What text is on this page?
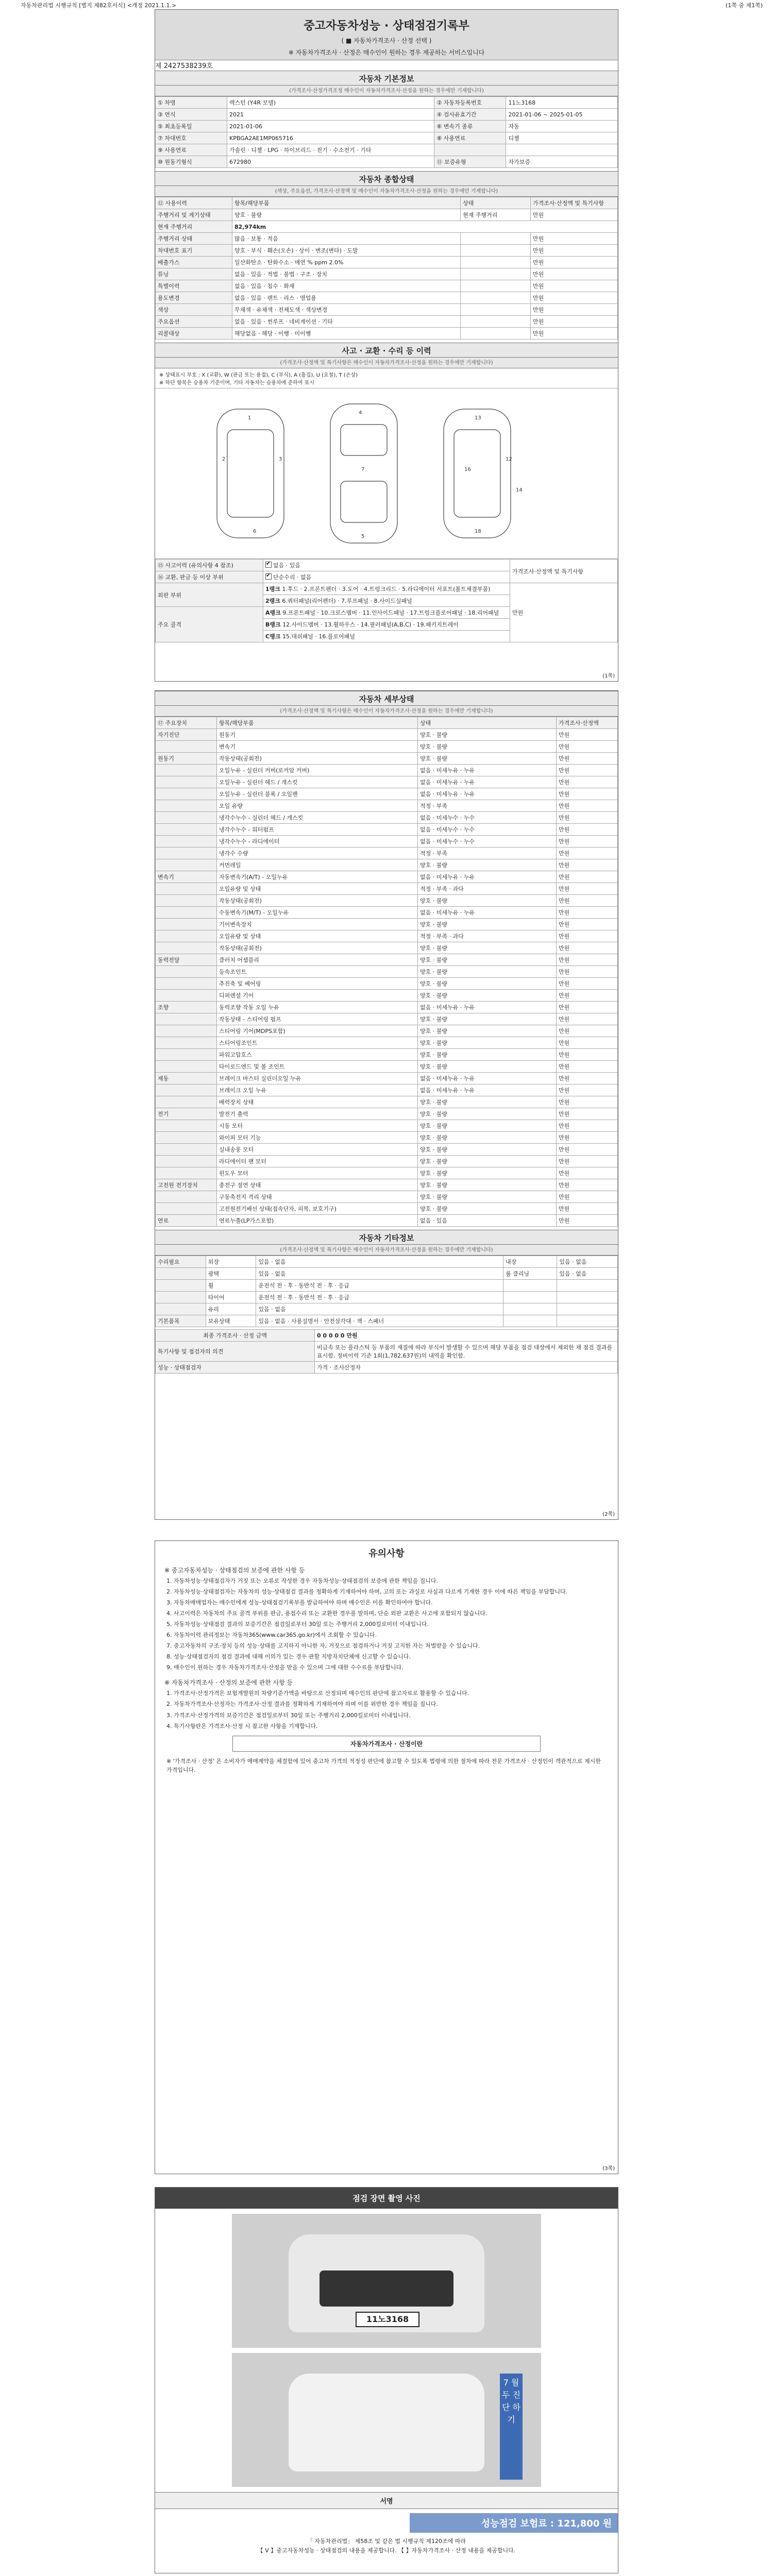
자동차관리법 시행규칙 [별지 제82호서식] <개정 2021.1.1.>	(1쪽 중 제1쪽)
중고자동차성능 · 상태점검기록부
( ■ 자동차가격조사 · 산정 선택 )
※ 자동차가격조사 · 산정은 매수인이 원하는 경우 제공하는 서비스입니다
제 2427538239호
자동차 기본정보
(가격조사·산정가격조정 매수인이 자동차가격조사·산정을 원하는 경우에만 기재합니다)
① 차명	렉스턴 (Y4R 모델)	② 자동차등록번호	11노3168
③ 연식	2021	④ 검사유효기간	2021-01-06 ~ 2025-01-05
⑤ 최초등록일	2021-01-06	⑥ 변속기 종류	자동
⑦ 차대번호	KPBGA2AE1MP065716	⑧ 사용연료	디젤
⑨ 사용연료	가솔린 · 디젤 · LPG · 하이브리드 · 전기 · 수소전기 · 기타		
⑩ 원동기형식	672980	⑪ 보증유형	자가보증
자동차 종합상태
(색상, 주요옵션, 가격조사·산정액 및 매수인이 자동차가격조사·산정을 원하는 경우에만 기재합니다)
⑫ 사용이력	항목/해당부품	상태	가격조사·산정액 및 특기사항
주행거리 및 계기상태	양호 · 불량	현재 주행거리	만원
현재 주행거리	82,974km		
주행거리 상태	많음 · 보통 · 적음		만원
차대번호 표기	양호 · 부식 · 훼손(오손) · 상이 · 변조(변타) · 도말		만원
배출가스	일산화탄소 · 탄화수소 · 매연 % ppm 2.0%		만원
튜닝	없음 · 있음 · 적법 · 불법 · 구조 · 장치		만원
특별이력	없음 · 있음 · 침수 · 화재		만원
용도변경	없음 · 있음 · 렌트 · 리스 · 영업용		만원
색상	무채색 · 유채색 · 전체도색 · 색상변경		만원
주요옵션	없음 · 있음 · 썬루프 · 네비게이션 · 기타		만원
리콜대상	해당없음 · 해당 · 이행 · 미이행		만원
사고 · 교환 · 수리 등 이력
(가격조사·산정액 및 특기사항은 매수인이 자동차가격조사·산정을 원하는 경우에만 기재합니다)
※ 상태표시 부호 : X (교환), W (판금 또는 용접), C (부식), A (흠집), U (요철), T (손상)
※ 하단 항목은 승용차 기준이며, 기타 자동차는 승용차에 준하여 표시
1
4
2	3
7
13
16
12
18
6
5
14
⑮ 사고이력 (유의사항 4 참조)	✔없음 · 있음	가격조사·산정액 및 특기사항
⑯ 교환, 판금 등 이상 부위	✔단순수리 · 없음
외판 부위	1랭크 1.후드 · 2.프론트펜더 · 3.도어 · 4.트렁크리드 · 5.라디에이터 서포트(볼트체결부품)	만원
	2랭크 6.쿼터패널(리어펜더) · 7.루프패널 · 8.사이드실패널	
주요 골격	A랭크 9.프론트패널 · 10.크로스멤버 · 11.인사이드패널 · 17.트렁크플로어패널 · 18.리어패널	
	B랭크 12.사이드멤버 · 13.휠하우스 · 14.필러패널(A,B,C) · 19.패키지트레이	
	C랭크 15.대쉬패널 · 16.플로어패널	
(1쪽)
자동차 세부상태
(가격조사·산정액 및 특기사항은 매수인이 자동차가격조사·산정을 원하는 경우에만 기재합니다)
⑰ 주요장치	항목/해당부품	상태	가격조사·산정액
자기진단	원동기	양호 · 불량	만원
	변속기	양호 · 불량	만원
원동기	작동상태(공회전)	양호 · 불량	만원
	오일누유 - 실린더 커버(로커암 커버)	없음 · 미세누유 · 누유	만원
	오일누유 - 실린더 헤드 / 개스킷	없음 · 미세누유 · 누유	만원
	오일누유 - 실린더 블록 / 오일팬	없음 · 미세누유 · 누유	만원
	오일 유량	적정 · 부족	만원
	냉각수누수 - 실린더 헤드 / 개스킷	없음 · 미세누수 · 누수	만원
	냉각수누수 - 워터펌프	없음 · 미세누수 · 누수	만원
	냉각수누수 - 라디에이터	없음 · 미세누수 · 누수	만원
	냉각수 수량	적정 · 부족	만원
	커먼레일	양호 · 불량	만원
변속기	자동변속기(A/T) - 오일누유	없음 · 미세누유 · 누유	만원
	오일유량 및 상태	적정 · 부족 · 과다	만원
	작동상태(공회전)	양호 · 불량	만원
	수동변속기(M/T) - 오일누유	없음 · 미세누유 · 누유	만원
	기어변속장치	양호 · 불량	만원
	오일유량 및 상태	적정 · 부족 · 과다	만원
	작동상태(공회전)	양호 · 불량	만원
동력전달	클러치 어셈블리	양호 · 불량	만원
	등속조인트	양호 · 불량	만원
	추진축 및 베어링	양호 · 불량	만원
	디퍼렌셜 기어	양호 · 불량	만원
조향	동력조향 작동 오일 누유	없음 · 미세누유 · 누유	만원
	작동상태 - 스티어링 펌프	양호 · 불량	만원
	스티어링 기어(MDPS포함)	양호 · 불량	만원
	스티어링조인트	양호 · 불량	만원
	파워고압호스	양호 · 불량	만원
	타이로드엔드 및 볼 조인트	양호 · 불량	만원
제동	브레이크 마스터 실린더오일 누유	없음 · 미세누유 · 누유	만원
	브레이크 오일 누유	없음 · 미세누유 · 누유	만원
	배력장치 상태	양호 · 불량	만원
전기	발전기 출력	양호 · 불량	만원
	시동 모터	양호 · 불량	만원
	와이퍼 모터 기능	양호 · 불량	만원
	실내송풍 모터	양호 · 불량	만원
	라디에이터 팬 모터	양호 · 불량	만원
	윈도우 모터	양호 · 불량	만원
고전원 전기장치	충전구 절연 상태	양호 · 불량	만원
	구동축전지 격리 상태	양호 · 불량	만원
	고전원전기배선 상태(접속단자, 피복, 보호기구)	양호 · 불량	만원
연료	연료누출(LP가스포함)	없음 · 있음	만원
자동차 기타정보
(가격조사·산정액 및 특기사항은 매수인이 자동차가격조사·산정을 원하는 경우에만 기재합니다)
수리필요	외장	있음 · 없음	내장	있음 · 없음
	광택	있음 · 없음	룸 클리닝	있음 · 없음
	휠	운전석 전 · 후 · 동반석 전 · 후 · 응급		
	타이어	운전석 전 · 후 · 동반석 전 · 후 · 응급		
	유리	있음 · 없음		
기본품목	보유상태	있음 · 없음 · 사용설명서 · 안전삼각대 · 잭 · 스패너		
최종 가격조사 · 산정 금액	0 0 0 0 0 만원
특기사항 및 점검자의 의견	비금속 또는 플라스틱 등 부품의 재질에 따라 부식이 발생할 수 있으며 해당 부품을 점검 대상에서 제외한 채 점검 결과를 표시함. 정비이력 기준 1회(1,782,637원)의 내역을 확인함.
성능 · 상태점검자	가격 · 조사산정자
(2쪽)
유의사항
※ 중고자동차성능 · 상태점검의 보증에 관한 사항 등

1. 자동차성능·상태점검자가 거짓 또는 오류로 작성한 경우 자동차성능·상태점검의 보증에 관한 책임을 집니다.

2. 자동차성능·상태점검자는 자동차의 성능·상태점검 결과를 정확하게 기재하여야 하며, 고의 또는 과실로 사실과 다르게 기재한 경우 이에 따른 책임을 부담합니다.

3. 자동차매매업자는 매수인에게 성능·상태점검기록부를 발급하여야 하며 매수인은 이를 확인하여야 합니다.

4. 사고이력은 자동차의 주요 골격 부위를 판금, 용접수리 또는 교환한 경우를 말하며, 단순 외판 교환은 사고에 포함되지 않습니다.

5. 자동차성능·상태점검 결과의 보증기간은 점검일로부터 30일 또는 주행거리 2,000킬로미터 이내입니다.

6. 자동차이력 관리정보는 자동차365(www.car365.go.kr)에서 조회할 수 있습니다.

7. 중고자동차의 구조·장치 등의 성능·상태를 고지하지 아니한 자, 거짓으로 점검하거나 거짓 고지한 자는 처벌받을 수 있습니다.

8. 성능·상태점검자의 점검 결과에 대해 이의가 있는 경우 관할 지방자치단체에 신고할 수 있습니다.

9. 매수인이 원하는 경우 자동차가격조사·산정을 받을 수 있으며 그에 대한 수수료를 부담합니다.

※ 자동차가격조사 · 산정의 보증에 관한 사항 등

1. 가격조사·산정가격은 보험개발원의 차량기준가액을 바탕으로 산정되며 매수인의 판단에 참고자료로 활용할 수 있습니다.

2. 자동차가격조사·산정자는 가격조사·산정 결과를 정확하게 기재하여야 하며 이를 위반한 경우 책임을 집니다.

3. 가격조사·산정가격의 보증기간은 점검일로부터 30일 또는 주행거리 2,000킬로미터 이내입니다.

4. 특기사항란은 가격조사·산정 시 참고한 사항을 기재합니다.

자동차가격조사 · 산정이란

※ '가격조사 · 산정' 은 소비자가 매매계약을 체결함에 있어 중고차 가격의 적정성 판단에 참고할 수 있도록 법령에 의한 절차에 따라 전문 가격조사 · 산정인이 객관적으로 제시한 가격입니다.

(3쪽)
점검 장면 촬영 사진
11노3168
7 월 두 진 단 하 기
서명
성능점검 보험료 : 121,800 원
「 자동차관리법」 제58조 및 같은 법 시행규칙 제120조에 따라
【 V 】중고자동차성능 · 상태점검의 내용을 제공합니다. 【 】자동차가격조사 · 산정 내용을 제공합니다.
